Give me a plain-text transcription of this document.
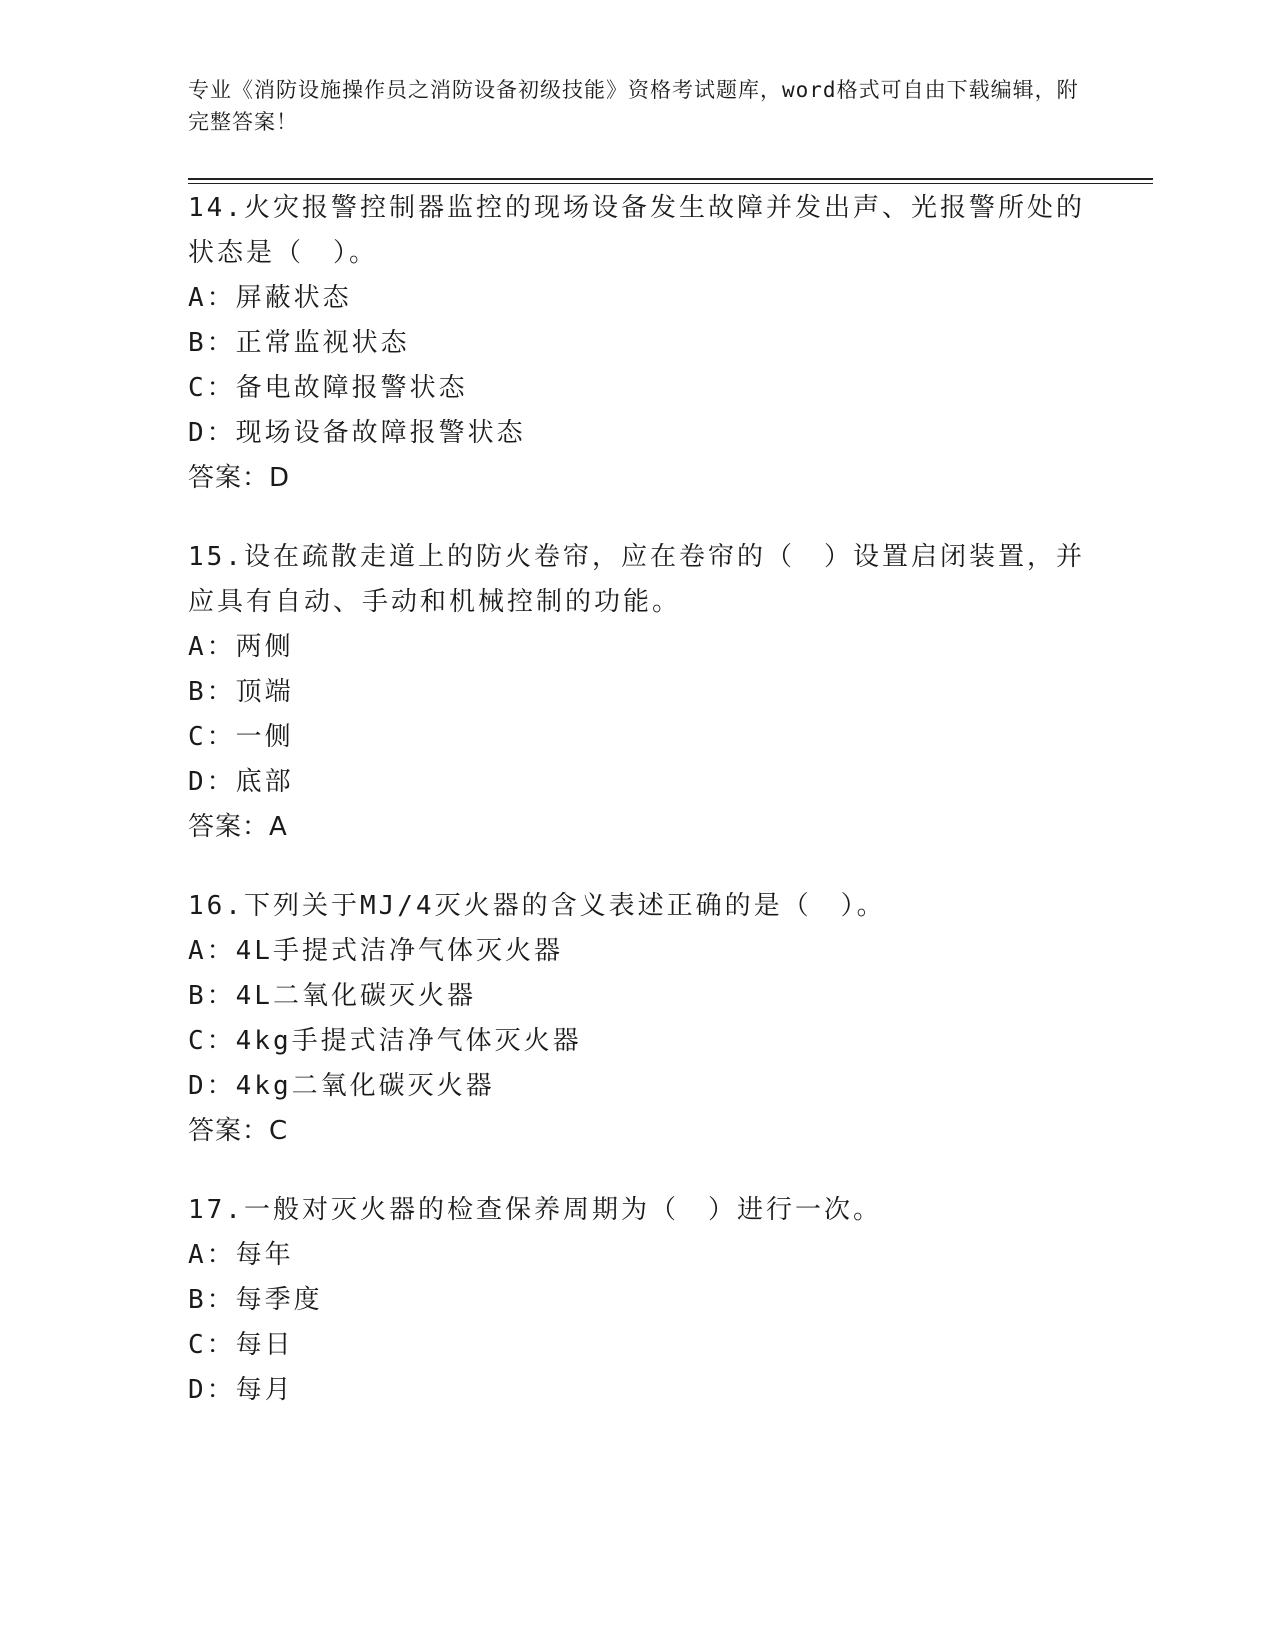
专业《消防设施操作员之消防设备初级技能》资格考试题库，word格式可自由下载编辑，附完整答案！
14.火灾报警控制器监控的现场设备发生故障并发出声、光报警所处的状态是（　）。
A：屏蔽状态
B：正常监视状态
C：备电故障报警状态
D：现场设备故障报警状态
答案：D
15.设在疏散走道上的防火卷帘，应在卷帘的（　）设置启闭装置，并应具有自动、手动和机械控制的功能。
A：两侧
B：顶端
C：一侧
D：底部
答案：A
16.下列关于MJ/4灭火器的含义表述正确的是（　）。
A：4L手提式洁净气体灭火器
B：4L二氧化碳灭火器
C：4kg手提式洁净气体灭火器
D：4kg二氧化碳灭火器
答案：C
17.一般对灭火器的检查保养周期为（　）进行一次。
A：每年
B：每季度
C：每日
D：每月
